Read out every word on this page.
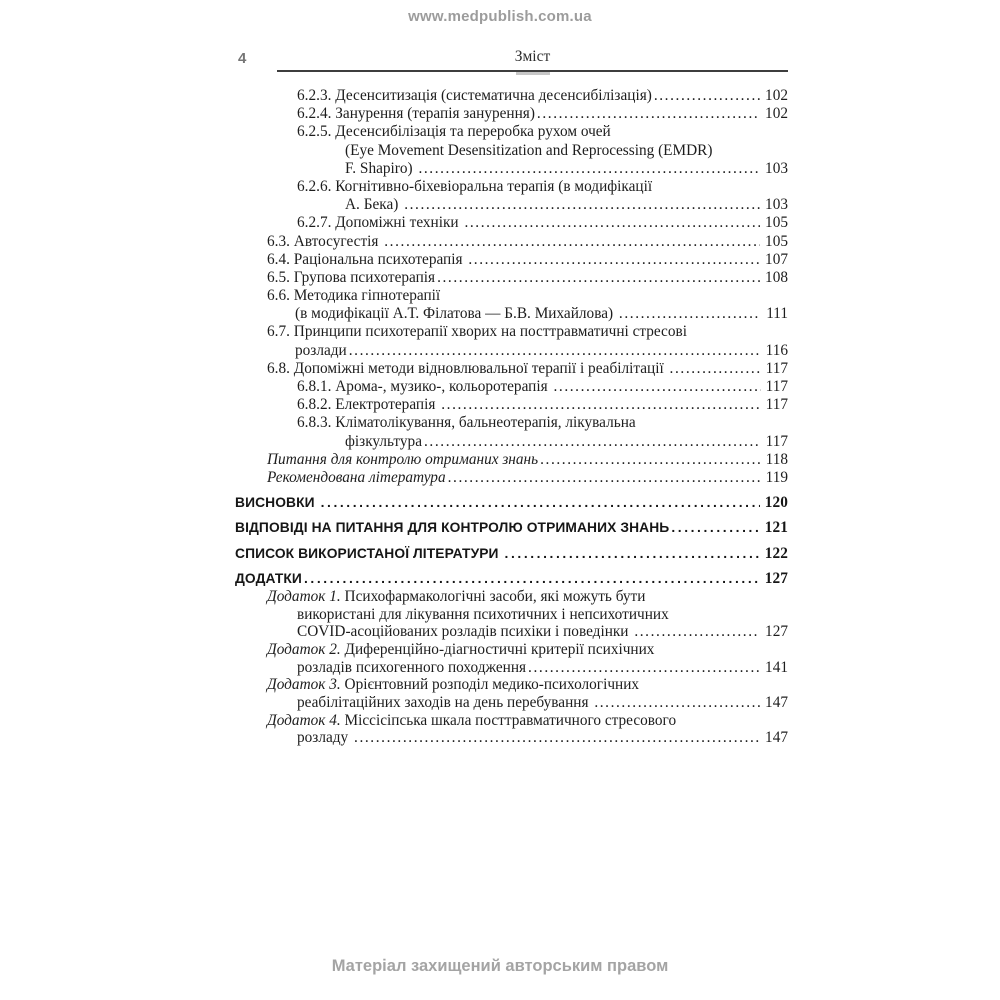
www.medpublish.com.ua
4	Зміст
6.2.3. Десенситизація (систематична десенсибілізація) .....	102
6.2.4. Занурення (терапія занурення) .....	102
6.2.5. Десенсибілізація та переробка рухом очей
(Eye Movement Desensitization and Reprocessing (EMDR)
F. Shapiro) .....	103
6.2.6. Когнітивно-біхевіоральна терапія (в модифікації
А. Бека) .....	103
6.2.7. Допоміжні техніки .....	105
6.3. Автосугестія .....	105
6.4. Раціональна психотерапія .....	107
6.5. Групова психотерапія .....	108
6.6. Методика гіпнотерапії
(в модифікації А.Т. Філатова — Б.В. Михайлова) .....	111
6.7. Принципи психотерапії хворих на посттравматичні стресові
розлади .....	116
6.8. Допоміжні методи відновлювальної терапії і реабілітації .....	117
6.8.1. Арома-, музико-, кольоротерапія .....	117
6.8.2. Електротерапія .....	117
6.8.3. Кліматолікування, бальнеотерапія, лікувальна
фізкультура .....	117
Питання для контролю отриманих знань .....	118
Рекомендована література .....	119
ВИСНОВКИ .....	120
ВІДПОВІДІ НА ПИТАННЯ ДЛЯ КОНТРОЛЮ ОТРИМАНИХ ЗНАНЬ .....	121
СПИСОК ВИКОРИСТАНОЇ ЛІТЕРАТУРИ .....	122
ДОДАТКИ .....	127
Додаток 1. Психофармакологічні засоби, які можуть бути
використані для лікування психотичних і непсихотичних
COVID-асоційованих розладів психіки і поведінки .....	127
Додаток 2. Диференційно-діагностичні критерії психічних
розладів психогенного походження .....	141
Додаток 3. Орієнтовний розподіл медико-психологічних
реабілітаційних заходів на день перебування .....	147
Додаток 4. Міссісіпська шкала посттравматичного стресового
розладу .....	147
Матеріал захищений авторським правом
